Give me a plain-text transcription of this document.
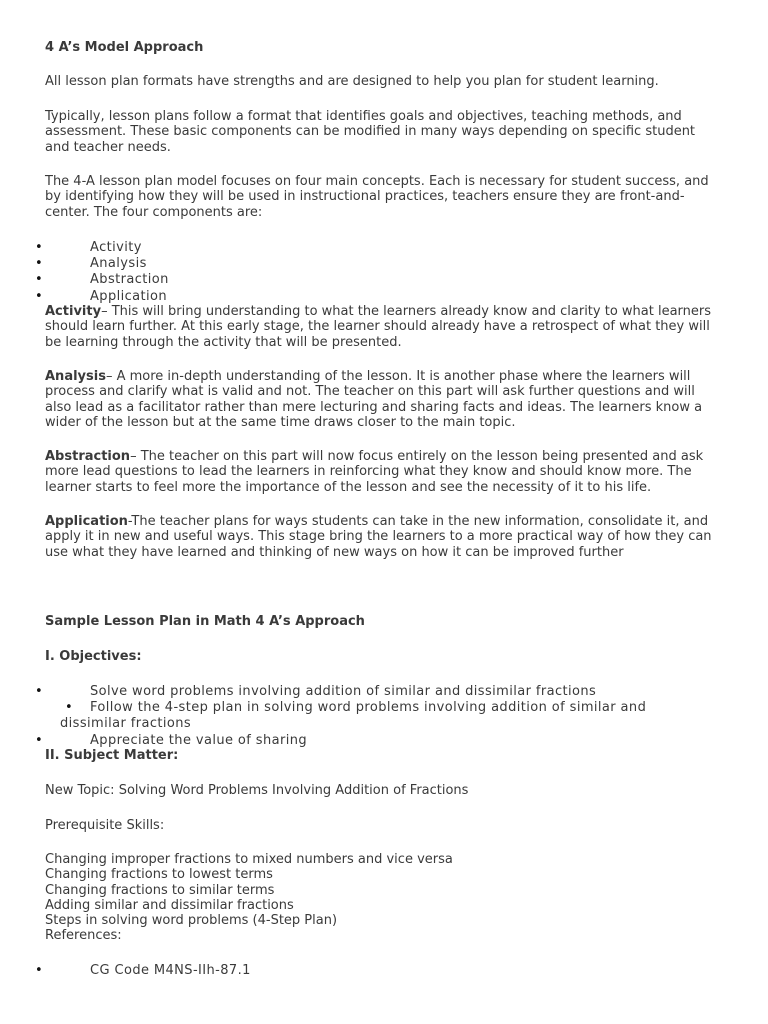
4 A’s Model Approach

All lesson plan formats have strengths and are designed to help you plan for student learning.

Typically, lesson plans follow a format that identifies goals and objectives, teaching methods, and assessment. These basic components can be modified in many ways depending on specific student and teacher needs.

The 4-A lesson plan model focuses on four main concepts. Each is necessary for student success, and by identifying how they will be used in instructional practices, teachers ensure they are front-and-center. The four components are:

• Activity
• Analysis
• Abstraction
• Application

Activity– This will bring understanding to what the learners already know and clarity to what learners should learn further. At this early stage, the learner should already have a retrospect of what they will be learning through the activity that will be presented.

Analysis– A more in-depth understanding of the lesson. It is another phase where the learners will process and clarify what is valid and not. The teacher on this part will ask further questions and will also lead as a facilitator rather than mere lecturing and sharing facts and ideas. The learners know a wider of the lesson but at the same time draws closer to the main topic.

Abstraction– The teacher on this part will now focus entirely on the lesson being presented and ask more lead questions to lead the learners in reinforcing what they know and should know more. The learner starts to feel more the importance of the lesson and see the necessity of it to his life.

Application-The teacher plans for ways students can take in the new information, consolidate it, and apply it in new and useful ways. This stage bring the learners to a more practical way of how they can use what they have learned and thinking of new ways on how it can be improved further

Sample Lesson Plan in Math 4 A’s Approach
I. Objectives:
• Solve word problems involving addition of similar and dissimilar fractions
• Follow the 4-step plan in solving word problems involving addition of similar and dissimilar fractions
• Appreciate the value of sharing
II. Subject Matter:

New Topic: Solving Word Problems Involving Addition of Fractions

Prerequisite Skills:

Changing improper fractions to mixed numbers and vice versa
Changing fractions to lowest terms
Changing fractions to similar terms
Adding similar and dissimilar fractions
Steps in solving word problems (4-Step Plan)
References:
• CG Code M4NS-IIh-87.1
